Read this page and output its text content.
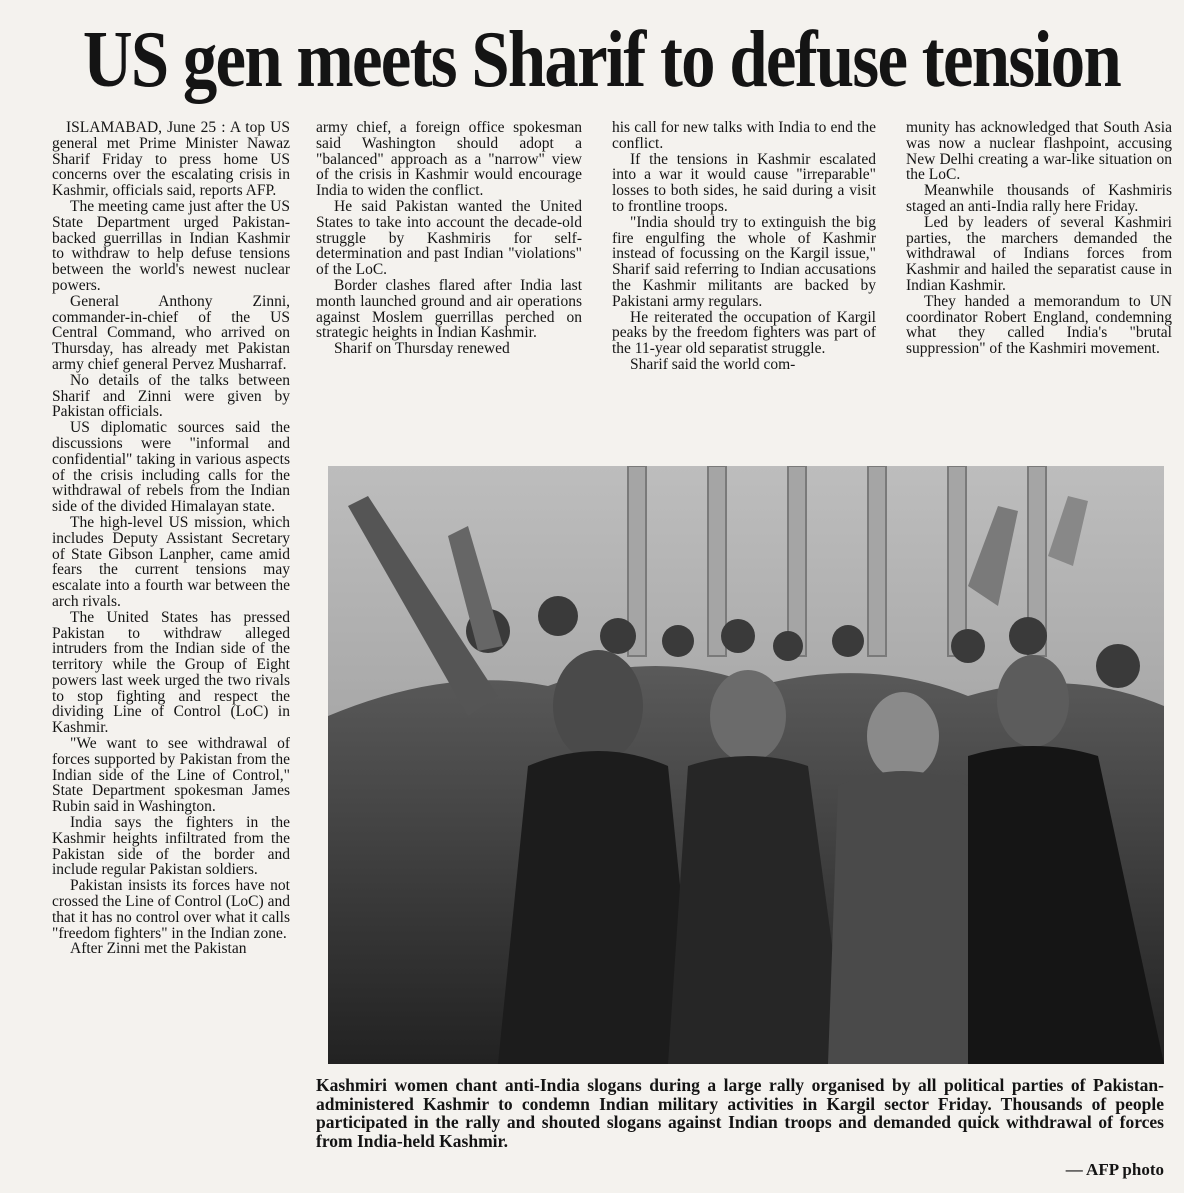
US gen meets Sharif to defuse tension

ISLAMABAD, June 25 : A top US general met Prime Minister Nawaz Sharif Friday to press home US concerns over the escalating crisis in Kashmir, officials said, reports AFP.

The meeting came just after the US State Department urged Pakistan-backed guerrillas in Indian Kashmir to withdraw to help defuse tensions between the world's newest nuclear powers.

General Anthony Zinni, commander-in-chief of the US Central Command, who arrived on Thursday, has already met Pakistan army chief general Pervez Musharraf.

No details of the talks between Sharif and Zinni were given by Pakistan officials.

US diplomatic sources said the discussions were "informal and confidential" taking in various aspects of the crisis including calls for the withdrawal of rebels from the Indian side of the divided Himalayan state.

The high-level US mission, which includes Deputy Assistant Secretary of State Gibson Lanpher, came amid fears the current tensions may escalate into a fourth war between the arch rivals.

The United States has pressed Pakistan to withdraw alleged intruders from the Indian side of the territory while the Group of Eight powers last week urged the two rivals to stop fighting and respect the dividing Line of Control (LoC) in Kashmir.

"We want to see withdrawal of forces supported by Pakistan from the Indian side of the Line of Control," State Department spokesman James Rubin said in Washington.

India says the fighters in the Kashmir heights infiltrated from the Pakistan side of the border and include regular Pakistan soldiers.

Pakistan insists its forces have not crossed the Line of Control (LoC) and that it has no control over what it calls "freedom fighters" in the Indian zone.

After Zinni met the Pakistan

army chief, a foreign office spokesman said Washington should adopt a "balanced" approach as a "narrow" view of the crisis in Kashmir would encourage India to widen the conflict.

He said Pakistan wanted the United States to take into account the decade-old struggle by Kashmiris for self-determination and past Indian "violations" of the LoC.

Border clashes flared after India last month launched ground and air operations against Moslem guerrillas perched on strategic heights in Indian Kashmir.

Sharif on Thursday renewed

his call for new talks with India to end the conflict.

If the tensions in Kashmir escalated into a war it would cause "irreparable" losses to both sides, he said during a visit to frontline troops.

"India should try to extinguish the big fire engulfing the whole of Kashmir instead of focussing on the Kargil issue," Sharif said referring to Indian accusations the Kashmir militants are backed by Pakistani army regulars.

He reiterated the occupation of Kargil peaks by the freedom fighters was part of the 11-year old separatist struggle.

Sharif said the world com-

munity has acknowledged that South Asia was now a nuclear flashpoint, accusing New Delhi creating a war-like situation on the LoC.

Meanwhile thousands of Kashmiris staged an anti-India rally here Friday.

Led by leaders of several Kashmiri parties, the marchers demanded the withdrawal of Indians forces from Kashmir and hailed the separatist cause in Indian Kashmir.

They handed a memorandum to UN coordinator Robert England, condemning what they called India's "brutal suppression" of the Kashmiri movement.

Kashmiri women chant anti-India slogans during a large rally organised by all political parties of Pakistan-administered Kashmir to condemn Indian military activities in Kargil sector Friday. Thousands of people participated in the rally and shouted slogans against Indian troops and demanded quick withdrawal of forces from India-held Kashmir.

— AFP photo
